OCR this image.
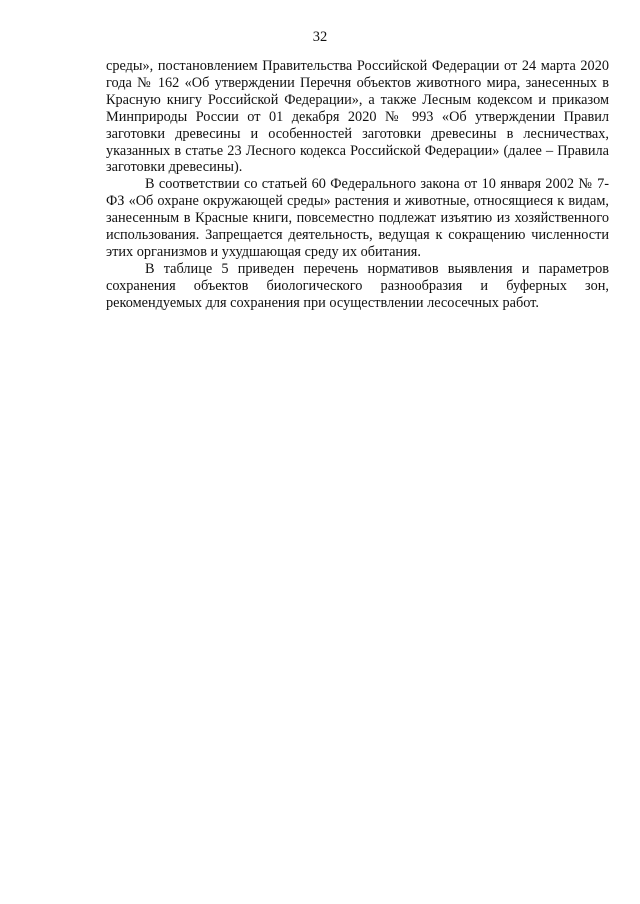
32

среды», постановлением Правительства Российской Федерации от 24 марта 2020 года № 162 «Об утверждении Перечня объектов животного мира, занесенных в Красную книгу Российской Федерации», а также Лесным кодексом и приказом Минприроды России от 01 декабря 2020 № 993 «Об утверждении Правил заготовки древесины и особенностей заготовки древесины в лесничествах, указанных в статье 23 Лесного кодекса Российской Федерации» (далее – Правила заготовки древесины).

В соответствии со статьей 60 Федерального закона от 10 января 2002 № 7-ФЗ «Об охране окружающей среды» растения и животные, относящиеся к видам, занесенным в Красные книги, повсеместно подлежат изъятию из хозяйственного использования. Запрещается деятельность, ведущая к сокращению численности этих организмов и ухудшающая среду их обитания.

В таблице 5 приведен перечень нормативов выявления и параметров сохранения объектов биологического разнообразия и буферных зон, рекомендуемых для сохранения при осуществлении лесосечных работ.
